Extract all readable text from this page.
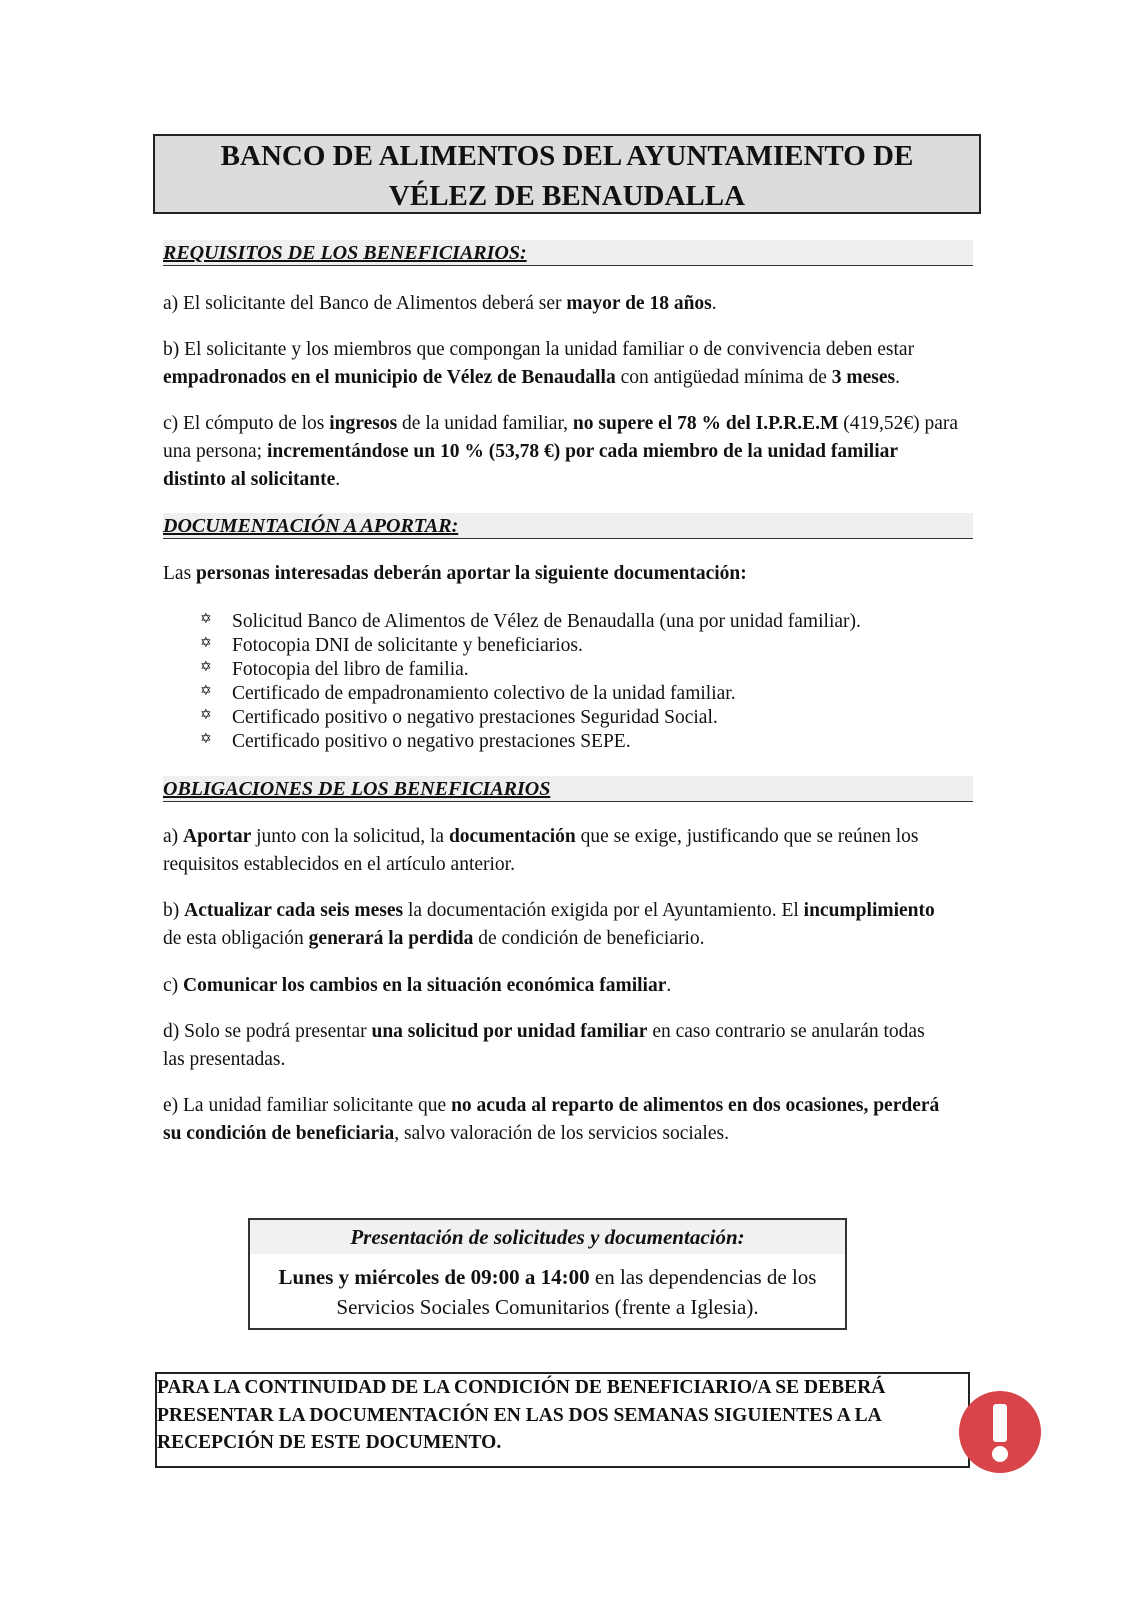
BANCO DE ALIMENTOS DEL AYUNTAMIENTO DE
VÉLEZ DE BENAUDALLA
REQUISITOS DE LOS BENEFICIARIOS:
a) El solicitante del Banco de Alimentos deberá ser mayor de 18 años.
b) El solicitante y los miembros que compongan la unidad familiar o de convivencia deben estar empadronados en el municipio de Vélez de Benaudalla con antigüedad mínima de 3 meses.
c) El cómputo de los ingresos de la unidad familiar, no supere el 78 % del I.P.R.E.M (419,52€) para una persona; incrementándose un 10 % (53,78 €) por cada miembro de la unidad familiar distinto al solicitante.
DOCUMENTACIÓN A APORTAR:
Las personas interesadas deberán aportar la siguiente documentación:
✡ Solicitud Banco de Alimentos de Vélez de Benaudalla (una por unidad familiar).
✡ Fotocopia DNI de solicitante y beneficiarios.
✡ Fotocopia del libro de familia.
✡ Certificado de empadronamiento colectivo de la unidad familiar.
✡ Certificado positivo o negativo prestaciones Seguridad Social.
✡ Certificado positivo o negativo prestaciones SEPE.
OBLIGACIONES DE LOS BENEFICIARIOS
a) Aportar junto con la solicitud, la documentación que se exige, justificando que se reúnen los requisitos establecidos en el artículo anterior.
b) Actualizar cada seis meses la documentación exigida por el Ayuntamiento. El incumplimiento de esta obligación generará la perdida de condición de beneficiario.
c) Comunicar los cambios en la situación económica familiar.
d) Solo se podrá presentar una solicitud por unidad familiar en caso contrario se anularán todas las presentadas.
e) La unidad familiar solicitante que no acuda al reparto de alimentos en dos ocasiones, perderá su condición de beneficiaria, salvo valoración de los servicios sociales.
Presentación de solicitudes y documentación:
Lunes y miércoles de 09:00 a 14:00 en las dependencias de los Servicios Sociales Comunitarios (frente a Iglesia).
PARA LA CONTINUIDAD DE LA CONDICIÓN DE BENEFICIARIO/A SE DEBERÁ
PRESENTAR LA DOCUMENTACIÓN EN LAS DOS SEMANAS SIGUIENTES A LA
RECEPCIÓN DE ESTE DOCUMENTO.
